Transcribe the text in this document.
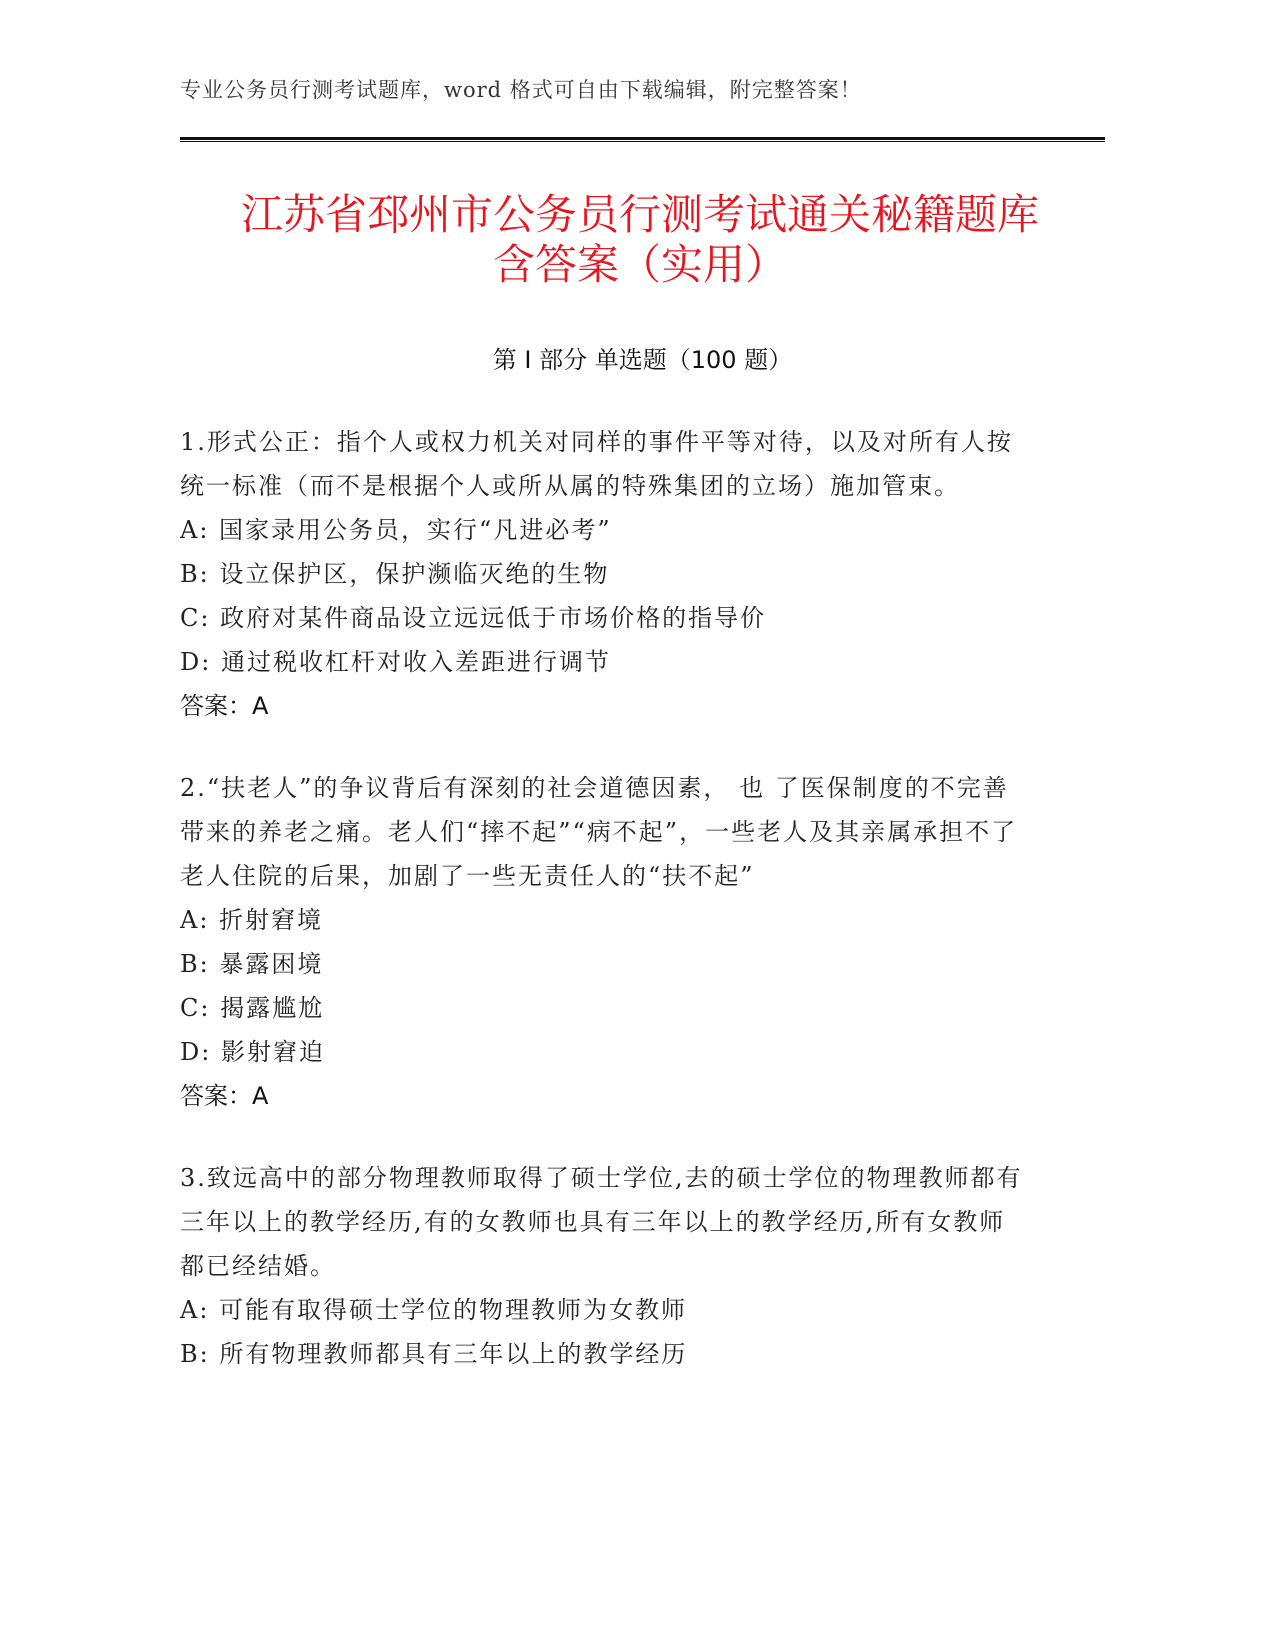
专业公务员行测考试题库，word 格式可自由下载编辑，附完整答案！
江苏省邳州市公务员行测考试通关秘籍题库
含答案（实用）
第 I 部分 单选题（100 题）

1.形式公正：指个人或权力机关对同样的事件平等对待，以及对所有人按统一标准（而不是根据个人或所从属的特殊集团的立场）施加管束。

A: 国家录用公务员，实行“凡进必考”

B: 设立保护区，保护濒临灭绝的生物

C: 政府对某件商品设立远远低于市场价格的指导价

D: 通过税收杠杆对收入差距进行调节

答案：A

2.“扶老人”的争议背后有深刻的社会道德因素， 也 了医保制度的不完善带来的养老之痛。老人们“摔不起”“病不起”，一些老人及其亲属承担不了老人住院的后果，加剧了一些无责任人的“扶不起”

A: 折射窘境

B: 暴露困境

C: 揭露尴尬

D: 影射窘迫

答案：A

3.致远高中的部分物理教师取得了硕士学位,去的硕士学位的物理教师都有三年以上的教学经历,有的女教师也具有三年以上的教学经历,所有女教师都已经结婚。

A: 可能有取得硕士学位的物理教师为女教师

B: 所有物理教师都具有三年以上的教学经历
